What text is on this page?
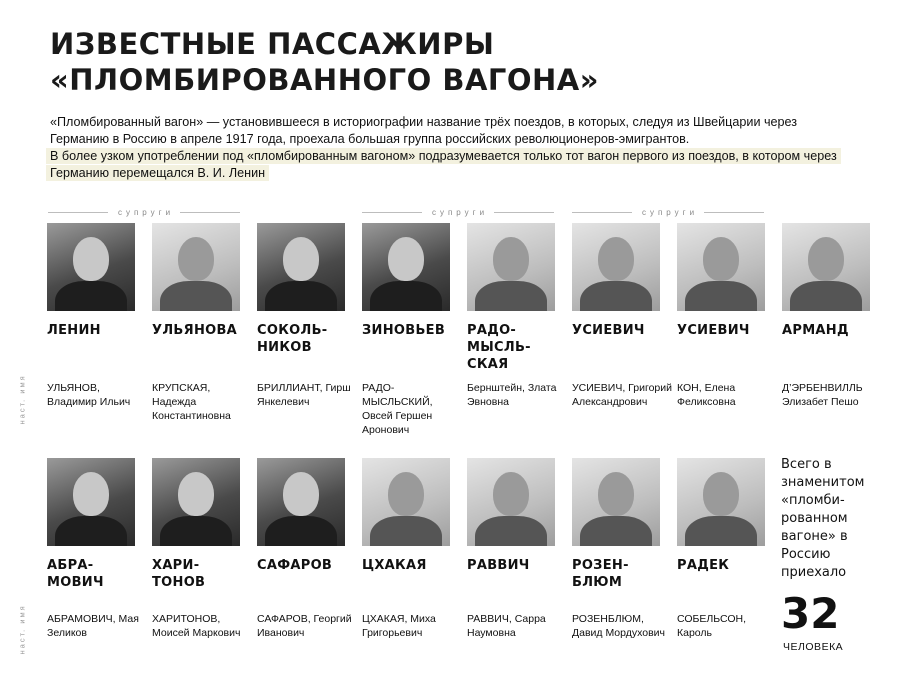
ИЗВЕСТНЫЕ ПАССАЖИРЫ
«ПЛОМБИРОВАННОГО ВАГОНА»
«Пломбированный вагон» — установившееся в историографии название трёх поездов, в которых, следуя из Швейцарии через Германию в Россию в апреле 1917 года, проехала большая группа российских революционеров-эмигрантов.
В более узком употреблении под «пломбированным вагоном» подразумевается только тот вагон первого из поездов, в котором через Германию перемещался В. И. Ленин
супруги	супруги	супруги
наст. имя
наст. имя
ЛЕНИН	УЛЬЯНОВА	СОКОЛЬ-НИКОВ
ЗИНОВЬЕВ	РАДО-МЫСЛЬ-СКАЯ
УСИЕВИЧ	УСИЕВИЧ	АРМАНД
УЛЬЯНОВ, Владимир Ильич
КРУПСКАЯ, Надежда Константиновна
БРИЛЛИАНТ, Гирш Янкелевич
РАДО-МЫСЛЬСКИЙ, Овсей Гершен Аронович
Бернштейн, Злата Эвновна
УСИЕВИЧ, Григорий Александрович
КОН, Елена Феликсовна
Д’ЭРБЕНВИЛЛЬ Элизабет Пешо
АБРА-МОВИЧ
ХАРИ-ТОНОВ
САФАРОВ	ЦХАКАЯ	РАВВИЧ	РОЗЕН-БЛЮМ
РАДЕК
АБРАМОВИЧ, Мая Зеликов
ХАРИТОНОВ, Моисей Маркович
САФАРОВ, Георгий Иванович
ЦХАКАЯ, Миха Григорьевич
РАВВИЧ, Сарра Наумовна
РОЗЕНБЛЮМ, Давид Мордухович
СОБЕЛЬСОН, Кароль
Всего в знаменитом «пломби-рованном вагоне» в Россию приехало
32
ЧЕЛОВЕКА
